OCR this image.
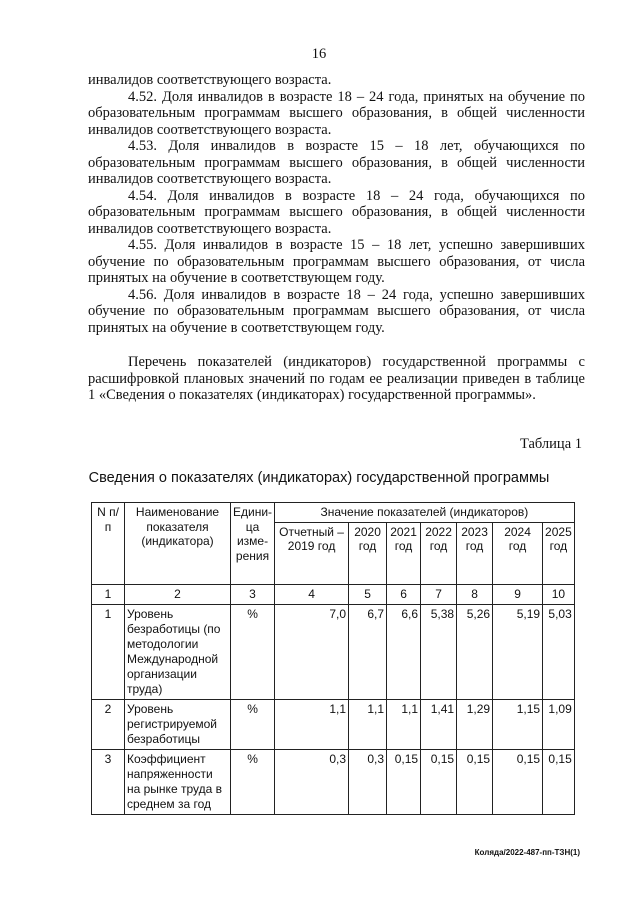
16

инвалидов соответствующего возраста.

4.52. Доля инвалидов в возрасте 18 – 24 года, принятых на обучение по образовательным программам высшего образования, в общей численности инвалидов соответствующего возраста.

4.53. Доля инвалидов в возрасте 15 – 18 лет, обучающихся по образовательным программам высшего образования, в общей численности инвалидов соответствующего возраста.

4.54. Доля инвалидов в возрасте 18 – 24 года, обучающихся по образовательным программам высшего образования, в общей численности инвалидов соответствующего возраста.

4.55. Доля инвалидов в возрасте 15 – 18 лет, успешно завершивших обучение по образовательным программам высшего образования, от числа принятых на обучение в соответствующем году.

4.56. Доля инвалидов в возрасте 18 – 24 года, успешно завершивших обучение по образовательным программам высшего образования, от числа принятых на обучение в соответствующем году.

Перечень показателей (индикаторов) государственной программы с расшифровкой плановых значений по годам ее реализации приведен в таблице 1 «Сведения о показателях (индикаторах) государственной программы».

Таблица 1
Сведения о показателях (индикаторах) государственной программы
N п/п	Наименование показателя (индикатора)	Единица измерения	Значение показателей (индикаторов)						
			Отчетный – 2019 год	2020 год	2021 год	2022 год	2023 год	2024 год	2025 год
1	2	3	4	5	6	7	8	9	10
1	Уровень безработицы (по методологии Международной организации труда)	%	7,0	6,7	6,6	5,38	5,26	5,19	5,03
2	Уровень регистрируемой безработицы	%	1,1	1,1	1,1	1,41	1,29	1,15	1,09
3	Коэффициент напряженности на рынке труда в среднем за год	%	0,3	0,3	0,15	0,15	0,15	0,15	0,15
Коляда/2022-487-пп-ТЗН(1)
